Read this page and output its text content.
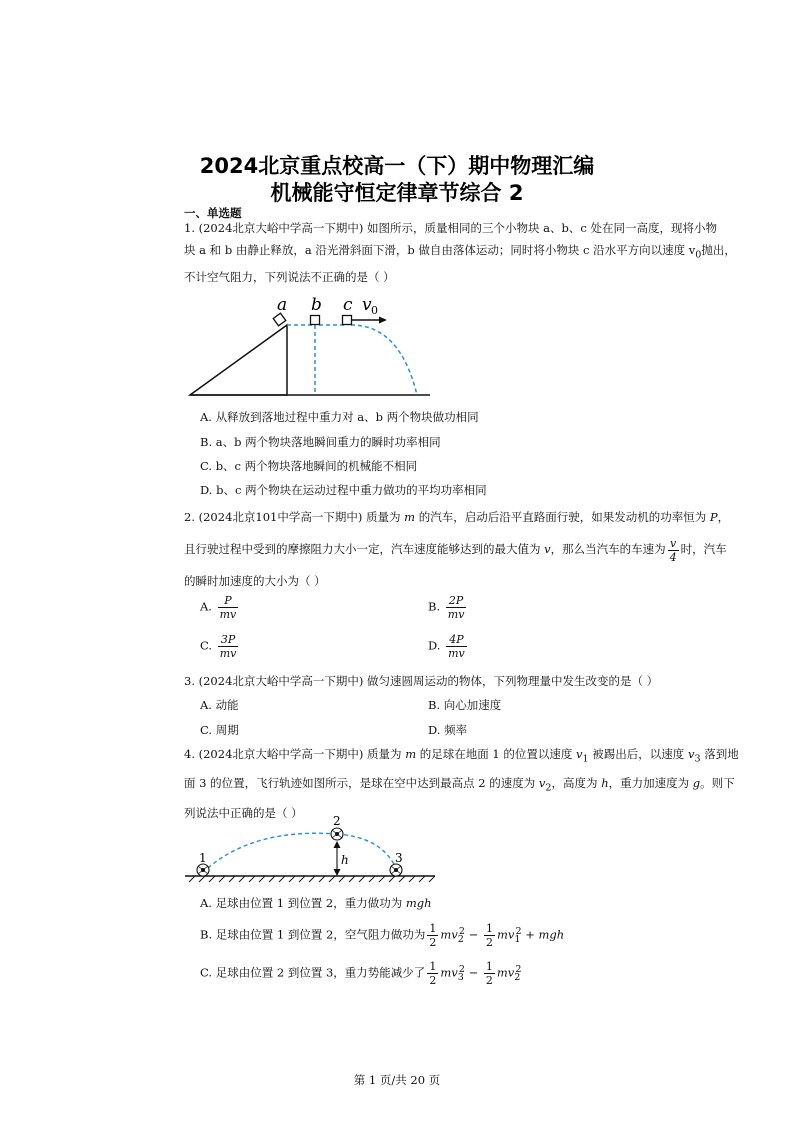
2024北京重点校高一（下）期中物理汇编
机械能守恒定律章节综合 2
一、单选题
1. (2024北京大峪中学高一下期中) 如图所示，质量相同的三个小物块 a、b、c 处在同一高度，现将小物
块 a 和 b 由静止释放，a 沿光滑斜面下滑，b 做自由落体运动；同时将小物块 c 沿水平方向以速度 $v_0$抛出，
不计空气阻力，下列说法不正确的是（ ）
a b c v 0
A. 从释放到落地过程中重力对 a、b 两个物块做功相同
B. a、b 两个物块落地瞬间重力的瞬时功率相同
C. b、c 两个物块落地瞬间的机械能不相同
D. b、c 两个物块在运动过程中重力做功的平均功率相同
2. (2024北京101中学高一下期中) 质量为 m 的汽车，启动后沿平直路面行驶，如果发动机的功率恒为 P，
且行驶过程中受到的摩擦阻力大小一定，汽车速度能够达到的最大值为 v，那么当汽车的车速为 $\frac{v}{4}$ 时，汽车
的瞬时加速度的大小为（ ）
A. $\frac{P}{mv}$	B. $\frac{2P}{mv}$
C. $\frac{3P}{mv}$	D. $\frac{4P}{mv}$
3. (2024北京大峪中学高一下期中) 做匀速圆周运动的物体，下列物理量中发生改变的是（ ）
A. 动能	B. 向心加速度
C. 周期	D. 频率
4. (2024北京大峪中学高一下期中) 质量为 m 的足球在地面 1 的位置以速度 $v_1$ 被踢出后，以速度 $v_3$ 落到地
面 3 的位置，飞行轨迹如图所示，是球在空中达到最高点 2 的速度为 $v_2$，高度为 h，重力加速度为 g。则下
列说法中正确的是（ ）
1
2
3
h
A. 足球由位置 1 到位置 2，重力做功为 mgh
B. 足球由位置 1 到位置 2，空气阻力做功为 $\frac{1}{2} mv_2^2 - \frac{1}{2} mv_1^2$ + mgh
C. 足球由位置 2 到位置 3，重力势能减少了 $\frac{1}{2} mv_3^2 - \frac{1}{2} mv_2^2$
第 1 页/共 20 页
